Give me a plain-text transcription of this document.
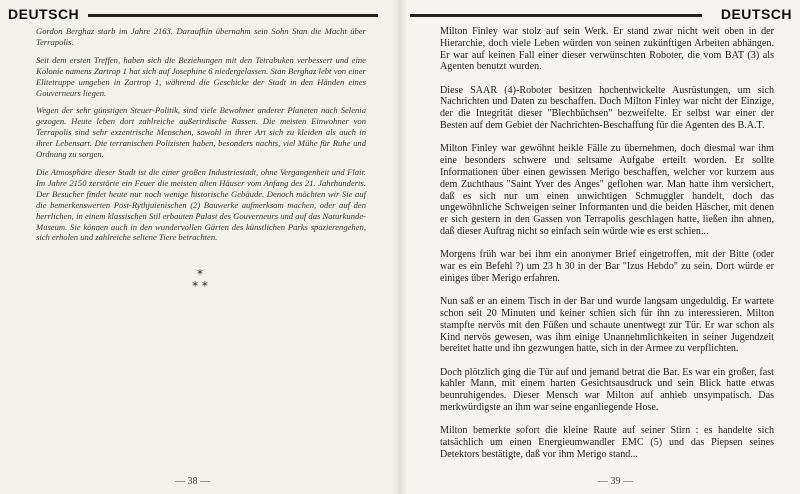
DEUTSCH

Gordon Berghaz starb im Jahre 2163. Daraufhin übernahm sein Sohn Stan die Macht über Terrapolis.

Seit dem ersten Treffen, haben sich die Beziehungen mit den Tetrabuken verbessert und eine Kolonie namens Zartrop 1 hat sich auf Josephine 6 niedergelassen. Stan Berghaz lebt von einer Elitetruppe umgeben in Zartrop 1, während die Geschicke der Stadt in den Händen eines Gouverneurs liegen.

Wegen der sehr günstigen Steuer-Politik, sind viele Bewohner anderer Planeten nach Selenia gezogen. Heute leben dort zahlreiche außerirdische Rassen. Die meisten Einwohner von Terrapolis sind sehr exzentrische Menschen, sowohl in ihrer Art sich zu kleiden als auch in ihrer Lebensart. Die terranischen Polizisten haben, besonders nachts, viel Mühe für Ruhe und Ordnung zu sorgen.

Die Atmosphäre dieser Stadt ist die einer großen Industriestadt, ohne Vergangenheit und Flair. Im Jahre 2150 zerstörte ein Feuer die meisten alten Häuser vom Anfang des 21. Jahrhunderts. Der Besucher findet heute nur noch wenige historische Gebäude. Denoch möchten wir Sie auf die bemerkenswerten Post-Rythjuienischen (2) Bauwerke aufmerksam machen, oder auf den herrlichen, in einem klassischen Stil erbauten Palast des Gouverneurs und auf das Naturkunde-Museum. Sie können auch in den wundervollen Gärten des künstlichen Parks spazierengehen, sich erholen und zahlreiche seltene Tiere betrachten.

*
* *
— 38 —
DEUTSCH

Milton Finley war stolz auf sein Werk. Er stand zwar nicht weit oben in der Hierarchie, doch viele Leben würden von seinen zukünftigen Arbeiten abhängen. Er war auf keinen Fall einer dieser verwünschten Roboter, die vom BAT (3) als Agenten benutzt wurden.

Diese SAAR (4)-Roboter besitzen hochentwickelte Ausrüstungen, um sich Nachrichten und Daten zu beschaffen. Doch Milton Finley war nicht der Einzige, der die Integrität dieser "Blechbüchsen" bezweifelte. Er selbst war einer der Besten auf dem Gebiet der Nachrichten-Beschaffung für die Agenten des B.A.T.

Milton Finley war gewöhnt heikle Fälle zu übernehmen, doch diesmal war ihm eine besonders schwere und seltsame Aufgabe erteilt worden. Er sollte Informationen über einen gewissen Merigo beschaffen, welcher vor kurzem aus dem Zuchthaus "Saint Yver des Anges" geflohen war. Man hatte ihm versichert, daß es sich nur um einen unwichtigen Schmuggler handelt, doch das ungewöhnliche Schweigen seiner Informanten und die beiden Häscher, mit denen er sich gestern in den Gassen von Terrapolis geschlagen hatte, ließen ihn ahnen, daß dieser Auftrag nicht so einfach sein würde wie es erst schien...

Morgens früh war bei ihm ein anonymer Brief eingetroffen, mit der Bitte (oder war es ein Befehl ?) um 23 h 30 in der Bar "Izus Hebdo" zu sein. Dort würde er einiges über Merigo erfahren.

Nun saß er an einem Tisch in der Bar und wurde langsam ungeduldig. Er wartete schon seit 20 Minuten und keiner schien sich für ihn zu interessieren. Milton stampfte nervös mit den Füßen und schaute unentwegt zur Tür. Er war schon als Kind nervös gewesen, was ihm einige Unannehmlichkeiten in seiner Jugendzeit bereitet hatte und ihn gezwungen hatte, sich in der Armee zu verpflichten.

Doch plötzlich ging die Tür auf und jemand betrat die Bar. Es war ein großer, fast kahler Mann, mit einem harten Gesichtsausdruck und sein Blick hatte etwas beunruhigendes. Dieser Mensch war Milton auf anhieb unsympatisch. Das merkwürdigste an ihm war seine enganliegende Hose.

Milton bemerkte sofort die kleine Raute auf seiner Stirn : es handelte sich tatsächlich um einen Energieumwandler EMC (5) und das Piepsen seines Detektors bestätigte, daß vor ihm Merigo stand...

— 39 —
